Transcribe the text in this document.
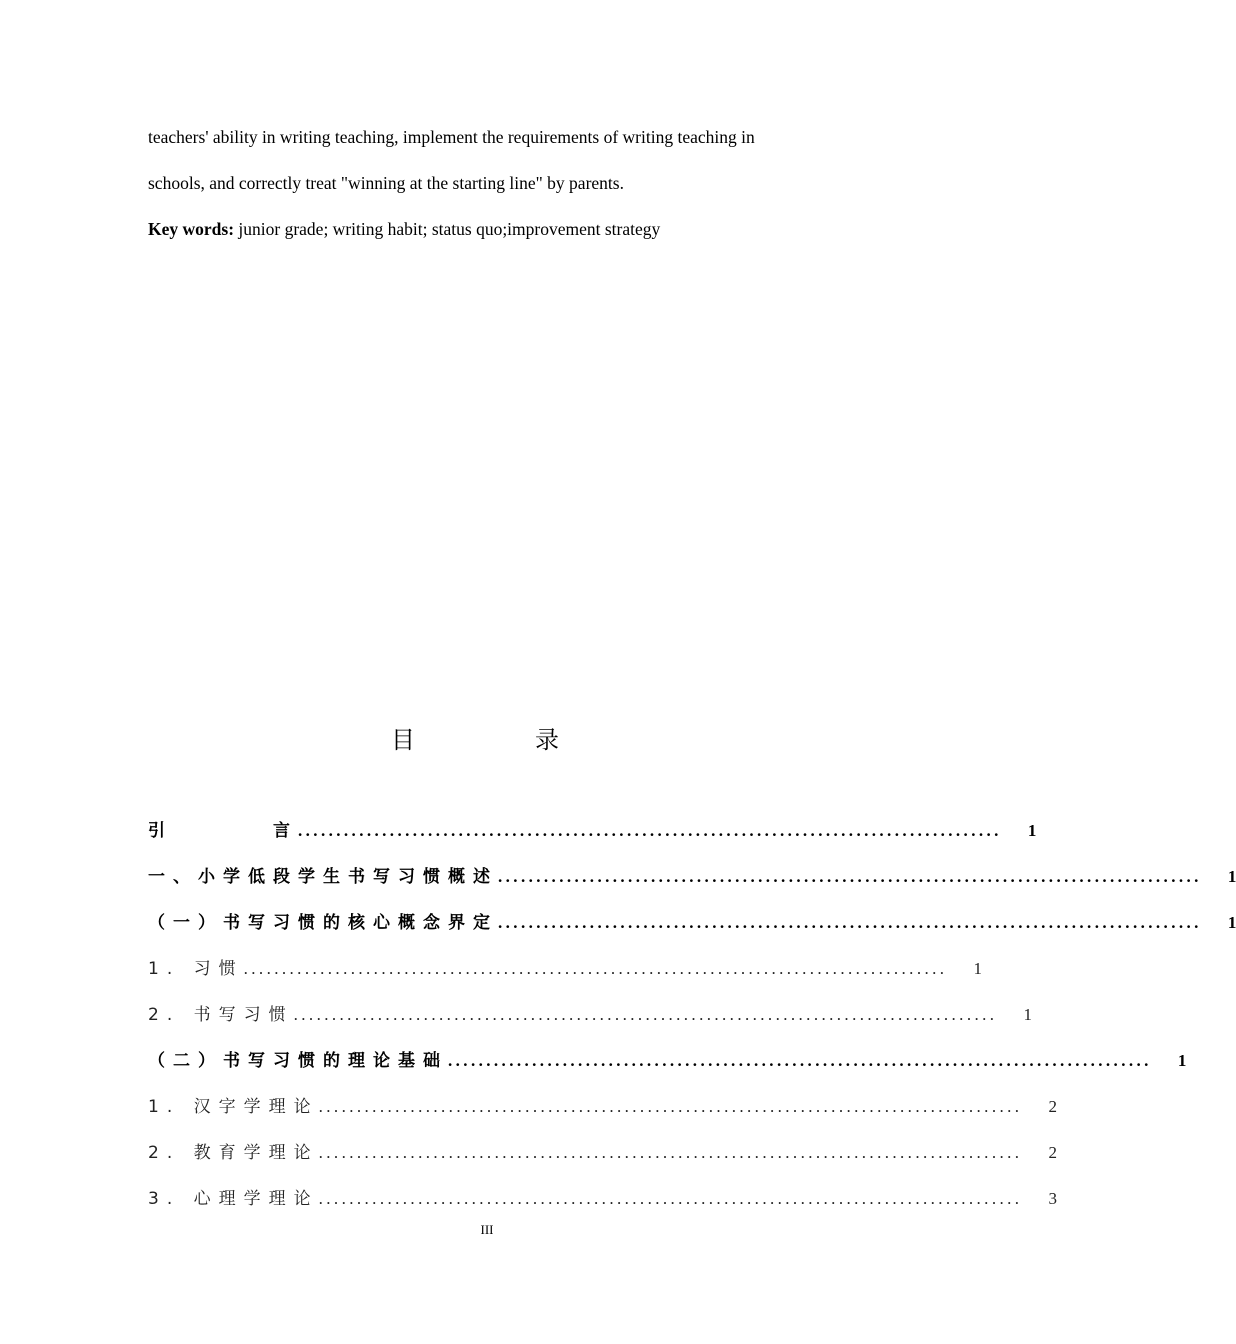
teachers' ability in writing teaching, implement the requirements of writing teaching in
schools, and correctly treat "winning at the starting line" by parents.
Key words: junior grade; writing habit; status quo;improvement strategy
目	录
引　　　　言 ............................................................................................ 1
一、小学低段学生书写习惯概述 ............................................................................................ 1
（一）书写习惯的核心概念界定 ............................................................................................ 1
1. 习惯 ............................................................................................ 1
2. 书写习惯 ............................................................................................ 1
（二）书写习惯的理论基础 ............................................................................................ 1
1. 汉字学理论 ............................................................................................ 2
2. 教育学理论 ............................................................................................ 2
3. 心理学理论 ............................................................................................ 3
III
